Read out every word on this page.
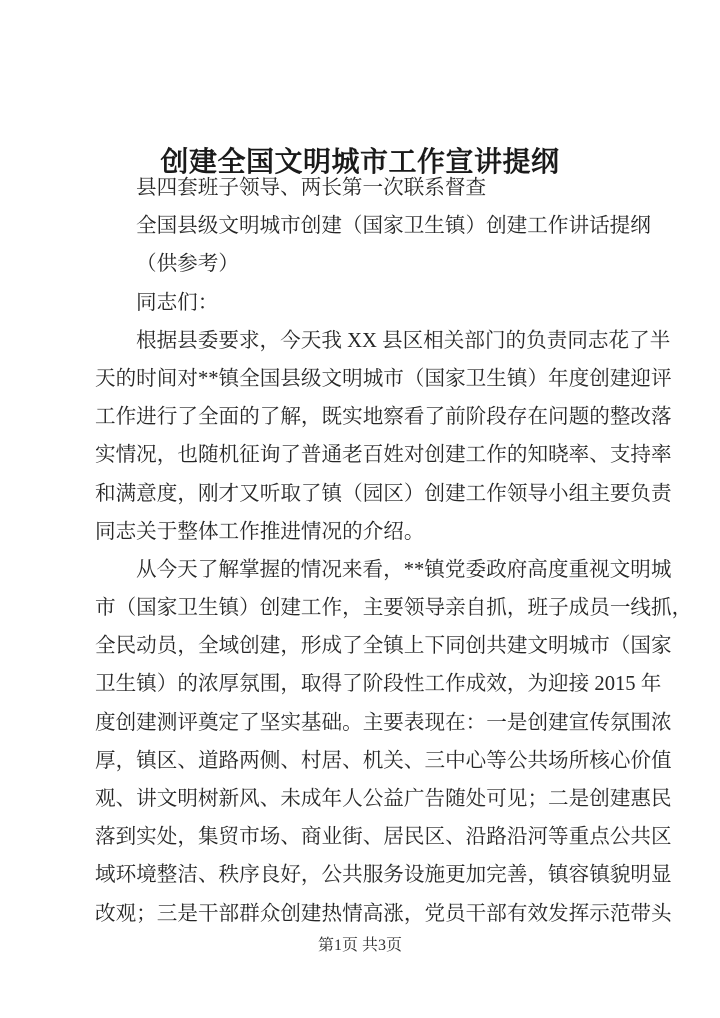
创建全国文明城市工作宣讲提纲
县四套班子领导、两长第一次联系督查
全国县级文明城市创建（国家卫生镇）创建工作讲话提纲
（供参考）
同志们：
根据县委要求，今天我 XX 县区相关部门的负责同志花了半
天的时间对**镇全国县级文明城市（国家卫生镇）年度创建迎评
工作进行了全面的了解，既实地察看了前阶段存在问题的整改落
实情况，也随机征询了普通老百姓对创建工作的知晓率、支持率
和满意度，刚才又听取了镇（园区）创建工作领导小组主要负责
同志关于整体工作推进情况的介绍。
从今天了解掌握的情况来看，**镇党委政府高度重视文明城
市（国家卫生镇）创建工作，主要领导亲自抓，班子成员一线抓，
全民动员，全域创建，形成了全镇上下同创共建文明城市（国家
卫生镇）的浓厚氛围，取得了阶段性工作成效，为迎接 2015 年
度创建测评奠定了坚实基础。主要表现在：一是创建宣传氛围浓
厚，镇区、道路两侧、村居、机关、三中心等公共场所核心价值
观、讲文明树新风、未成年人公益广告随处可见；二是创建惠民
落到实处，集贸市场、商业街、居民区、沿路沿河等重点公共区
域环境整洁、秩序良好，公共服务设施更加完善，镇容镇貌明显
改观；三是干部群众创建热情高涨，党员干部有效发挥示范带头
第1页 共3页
